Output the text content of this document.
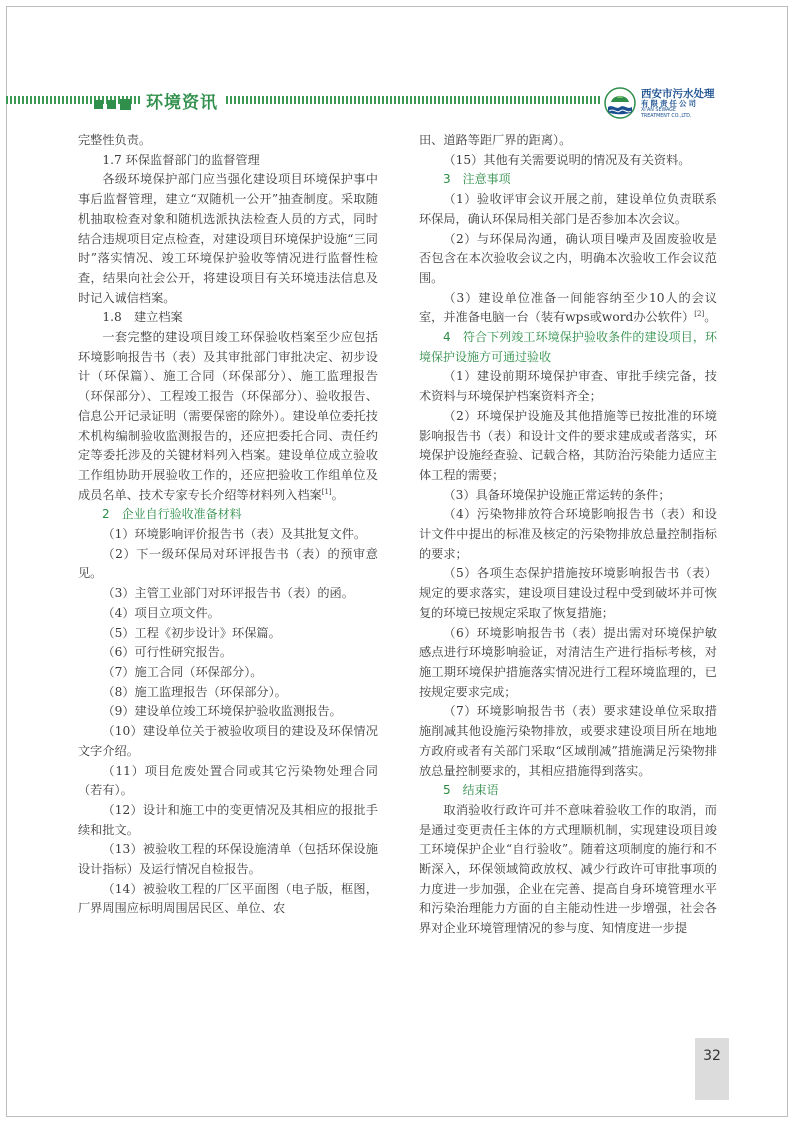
环境资讯	西安市污水处理
有限责任公司
XI'AN SEWAGE
TREATMENT CO.,LTD.

完整性负责。

1.7 环保监督部门的监督管理

各级环境保护部门应当强化建设项目环境保护事中事后监督管理，建立“双随机一公开”抽查制度。采取随机抽取检查对象和随机选派执法检查人员的方式，同时结合违规项目定点检查，对建设项目环境保护设施“三同时”落实情况、竣工环境保护验收等情况进行监督性检查，结果向社会公开，将建设项目有关环境违法信息及时记入诚信档案。

1.8　建立档案

一套完整的建设项目竣工环保验收档案至少应包括环境影响报告书（表）及其审批部门审批决定、初步设计（环保篇）、施工合同（环保部分）、施工监理报告（环保部分）、工程竣工报告（环保部分）、验收报告、信息公开记录证明（需要保密的除外）。建设单位委托技术机构编制验收监测报告的，还应把委托合同、责任约定等委托涉及的关键材料列入档案。建设单位成立验收工作组协助开展验收工作的，还应把验收工作组单位及成员名单、技术专家专长介绍等材料列入档案[1]。

2　企业自行验收准备材料

（1）环境影响评价报告书（表）及其批复文件。

（2）下一级环保局对环评报告书（表）的预审意见。

（3）主管工业部门对环评报告书（表）的函。

（4）项目立项文件。

（5）工程《初步设计》环保篇。

（6）可行性研究报告。

（7）施工合同（环保部分）。

（8）施工监理报告（环保部分）。

（9）建设单位竣工环境保护验收监测报告。

（10）建设单位关于被验收项目的建设及环保情况文字介绍。

（11）项目危废处置合同或其它污染物处理合同（若有）。

（12）设计和施工中的变更情况及其相应的报批手续和批文。

（13）被验收工程的环保设施清单（包括环保设施设计指标）及运行情况自检报告。

（14）被验收工程的厂区平面图（电子版，框图，厂界周围应标明周围居民区、单位、农

田、道路等距厂界的距离）。

（15）其他有关需要说明的情况及有关资料。

3　注意事项

（1）验收评审会议开展之前，建设单位负责联系环保局，确认环保局相关部门是否参加本次会议。

（2）与环保局沟通，确认项目噪声及固废验收是否包含在本次验收会议之内，明确本次验收工作会议范围。

（3）建设单位准备一间能容纳至少10人的会议室，并准备电脑一台（装有wps或word办公软件）[2]。

4　符合下列竣工环境保护验收条件的建设项目，环境保护设施方可通过验收

（1）建设前期环境保护审查、审批手续完备，技术资料与环境保护档案资料齐全；

（2）环境保护设施及其他措施等已按批准的环境影响报告书（表）和设计文件的要求建成或者落实，环境保护设施经查验、记载合格，其防治污染能力适应主体工程的需要；

（3）具备环境保护设施正常运转的条件；

（4）污染物排放符合环境影响报告书（表）和设计文件中提出的标准及核定的污染物排放总量控制指标的要求；

（5）各项生态保护措施按环境影响报告书（表）规定的要求落实，建设项目建设过程中受到破坏并可恢复的环境已按规定采取了恢复措施；

（6）环境影响报告书（表）提出需对环境保护敏感点进行环境影响验证，对清洁生产进行指标考核，对施工期环境保护措施落实情况进行工程环境监理的，已按规定要求完成；

（7）环境影响报告书（表）要求建设单位采取措施削减其他设施污染物排放，或要求建设项目所在地地方政府或者有关部门采取“区域削减”措施满足污染物排放总量控制要求的，其相应措施得到落实。

5　结束语

取消验收行政许可并不意味着验收工作的取消，而是通过变更责任主体的方式理顺机制，实现建设项目竣工环境保护企业“自行验收”。随着这项制度的施行和不断深入，环保领域简政放权、减少行政许可审批事项的力度进一步加强，企业在完善、提高自身环境管理水平和污染治理能力方面的自主能动性进一步增强，社会各界对企业环境管理情况的参与度、知情度进一步提

32
